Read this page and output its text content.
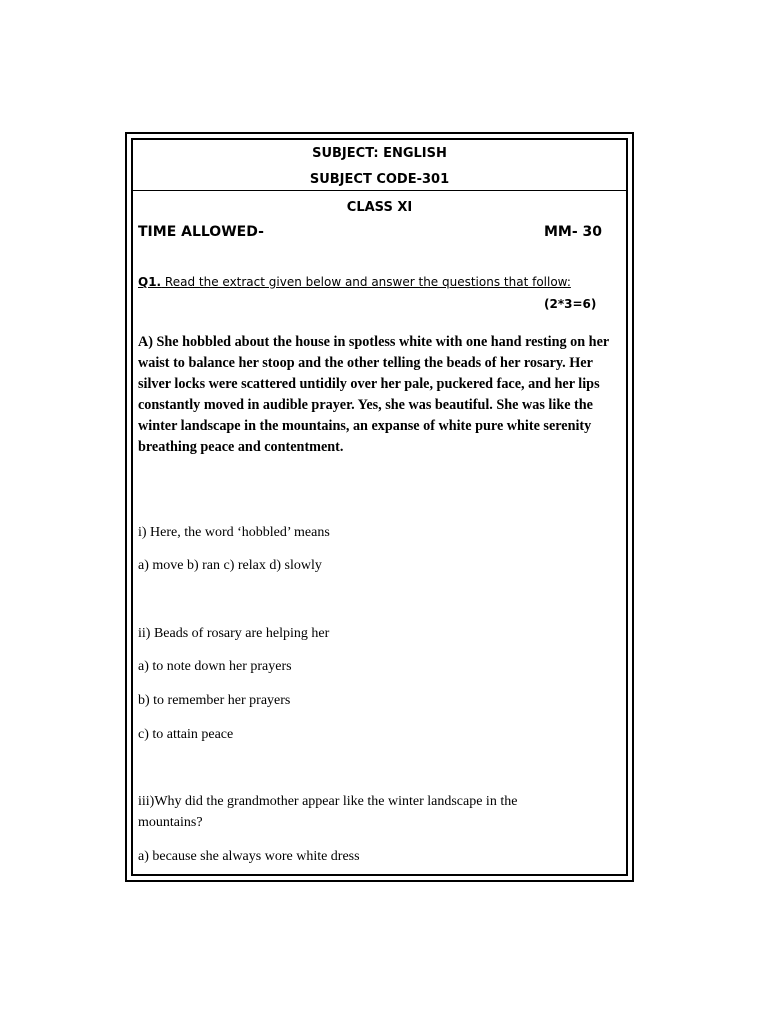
SUBJECT: ENGLISH
SUBJECT CODE-301
CLASS XI
TIME ALLOWED-	MM- 30
Q1. Read the extract given below and answer the questions that follow:
(2*3=6)
A) She hobbled about the house in spotless white with one hand resting on her waist to balance her stoop and the other telling the beads of her rosary. Her silver locks were scattered untidily over her pale, puckered face, and her lips constantly moved in audible prayer. Yes, she was beautiful. She was like the winter landscape in the mountains, an expanse of white pure white serenity breathing peace and contentment.
i) Here, the word ‘hobbled’ means
a) move b) ran c) relax d) slowly
ii) Beads of rosary are helping her
a) to note down her prayers
b) to remember her prayers
c) to attain peace
iii)Why did the grandmother appear like the winter landscape in the
mountains?
a) because she always wore white dress
